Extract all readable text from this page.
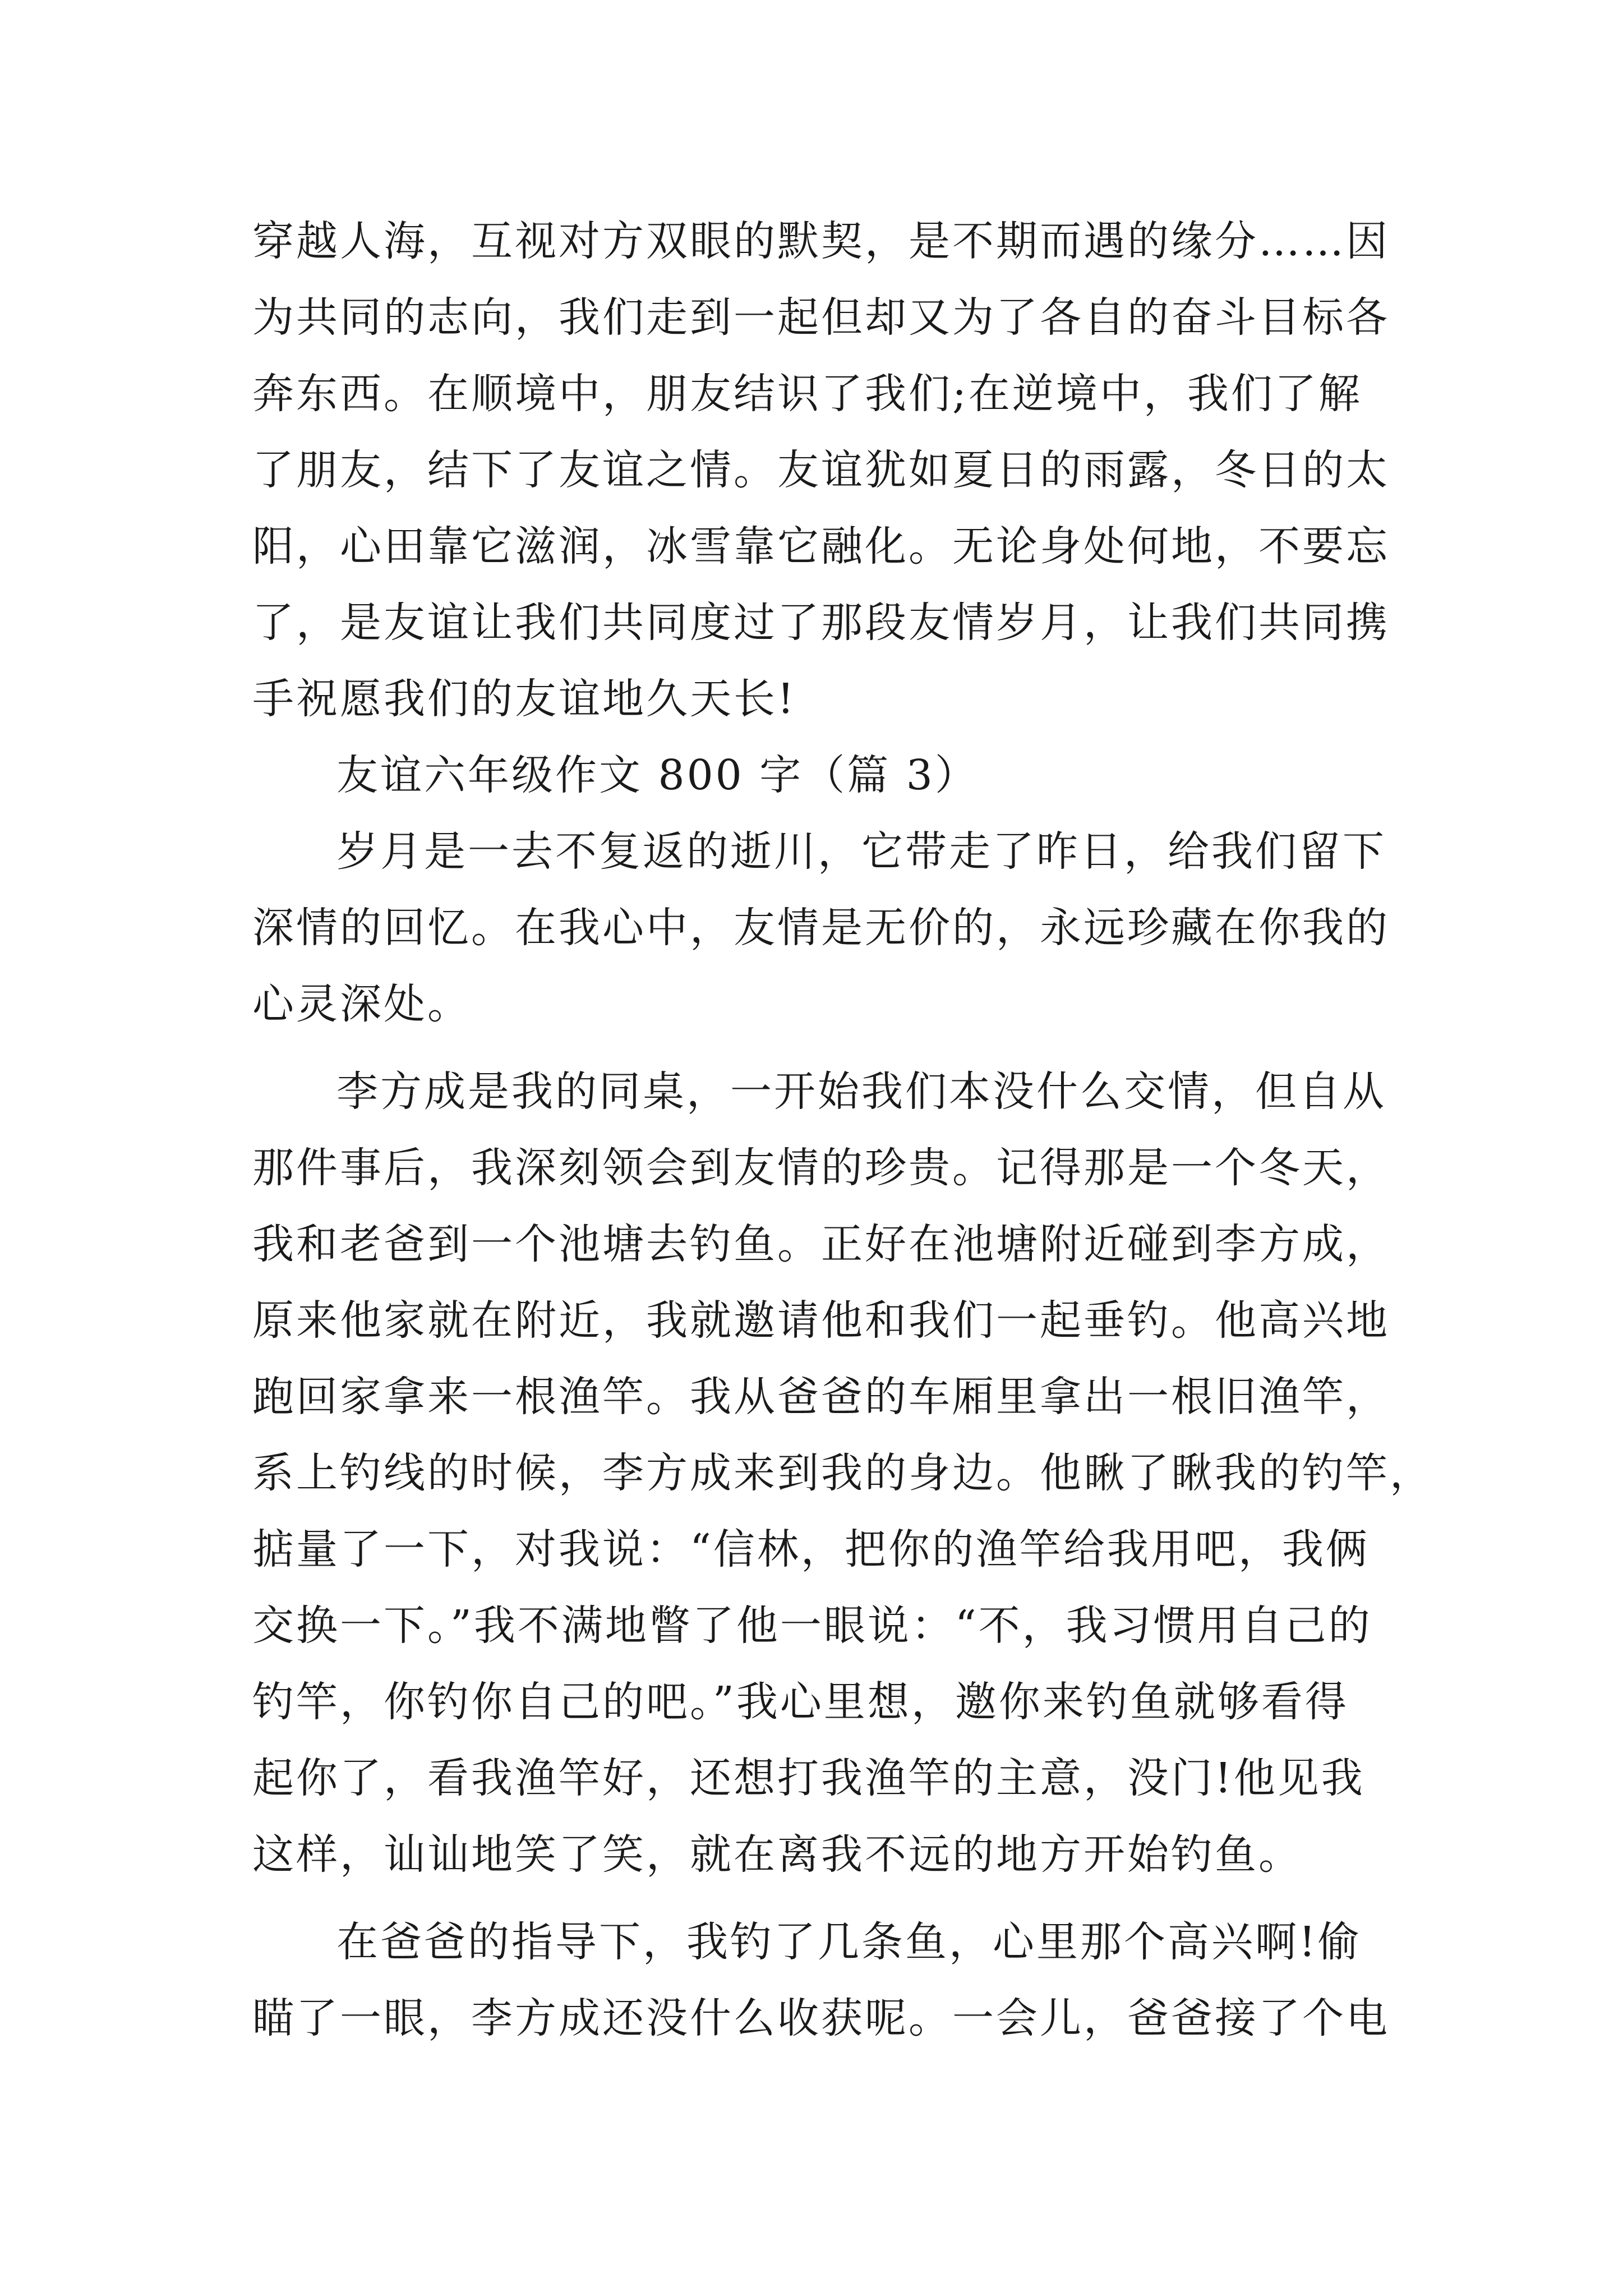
穿越人海，互视对方双眼的默契，是不期而遇的缘分……因
为共同的志向，我们走到一起但却又为了各自的奋斗目标各
奔东西。在顺境中，朋友结识了我们;在逆境中，我们了解
了朋友，结下了友谊之情。友谊犹如夏日的雨露，冬日的太
阳，心田靠它滋润，冰雪靠它融化。无论身处何地，不要忘
了，是友谊让我们共同度过了那段友情岁月，让我们共同携
手祝愿我们的友谊地久天长!
友谊六年级作文 800 字（篇 3）
岁月是一去不复返的逝川，它带走了昨日，给我们留下
深情的回忆。在我心中，友情是无价的，永远珍藏在你我的
心灵深处。
李方成是我的同桌，一开始我们本没什么交情，但自从
那件事后，我深刻领会到友情的珍贵。记得那是一个冬天，
我和老爸到一个池塘去钓鱼。正好在池塘附近碰到李方成，
原来他家就在附近，我就邀请他和我们一起垂钓。他高兴地
跑回家拿来一根渔竿。我从爸爸的车厢里拿出一根旧渔竿，
系上钓线的时候，李方成来到我的身边。他瞅了瞅我的钓竿，
掂量了一下，对我说：“信林，把你的渔竿给我用吧，我俩
交换一下。”我不满地瞥了他一眼说：“不，我习惯用自己的
钓竿，你钓你自己的吧。”我心里想，邀你来钓鱼就够看得
起你了，看我渔竿好，还想打我渔竿的主意，没门!他见我
这样，讪讪地笑了笑，就在离我不远的地方开始钓鱼。
在爸爸的指导下，我钓了几条鱼，心里那个高兴啊!偷
瞄了一眼，李方成还没什么收获呢。一会儿，爸爸接了个电
